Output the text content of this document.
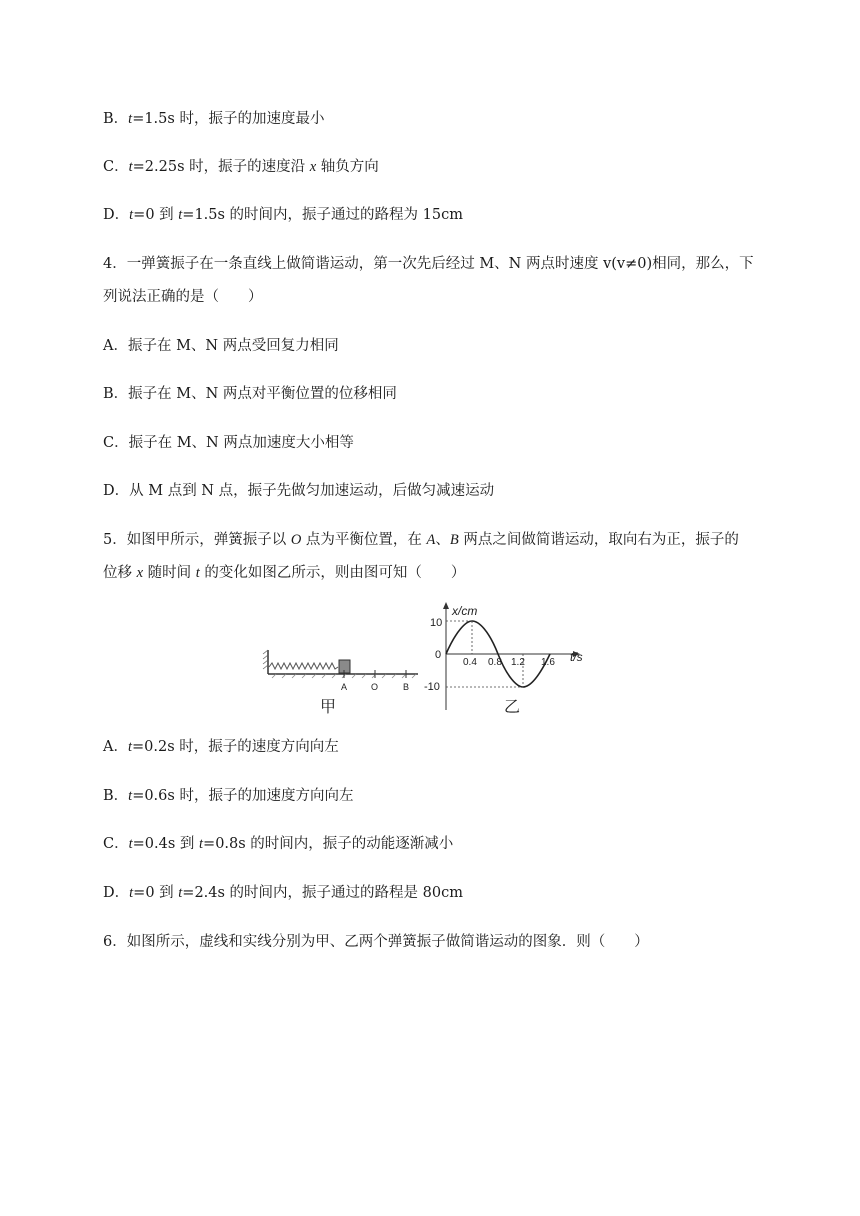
B．t=1.5s 时，振子的加速度最小
C．t=2.25s 时，振子的速度沿 x 轴负方向
D．t=0 到 t=1.5s 的时间内，振子通过的路程为 15cm
4．一弹簧振子在一条直线上做简谐运动，第一次先后经过 M、N 两点时速度 v(v≠0)相同，那么，下
列说法正确的是（　　）
A．振子在 M、N 两点受回复力相同
B．振子在 M、N 两点对平衡位置的位移相同
C．振子在 M、N 两点加速度大小相等
D．从 M 点到 N 点，振子先做匀加速运动，后做匀减速运动
5．如图甲所示，弹簧振子以 O 点为平衡位置，在 A、B 两点之间做简谐运动，取向右为正，振子的
位移 x 随时间 t 的变化如图乙所示，则由图可知（　　）
A	O	B
甲
x/cm
10
0
-10
0.4 0.8 1.2 1.6 t/s
乙
A．t=0.2s 时，振子的速度方向向左
B．t=0.6s 时，振子的加速度方向向左
C．t=0.4s 到 t=0.8s 的时间内，振子的动能逐渐减小
D．t=0 到 t=2.4s 的时间内，振子通过的路程是 80cm
6．如图所示，虚线和实线分别为甲、乙两个弹簧振子做简谐运动的图象．则（　　）
